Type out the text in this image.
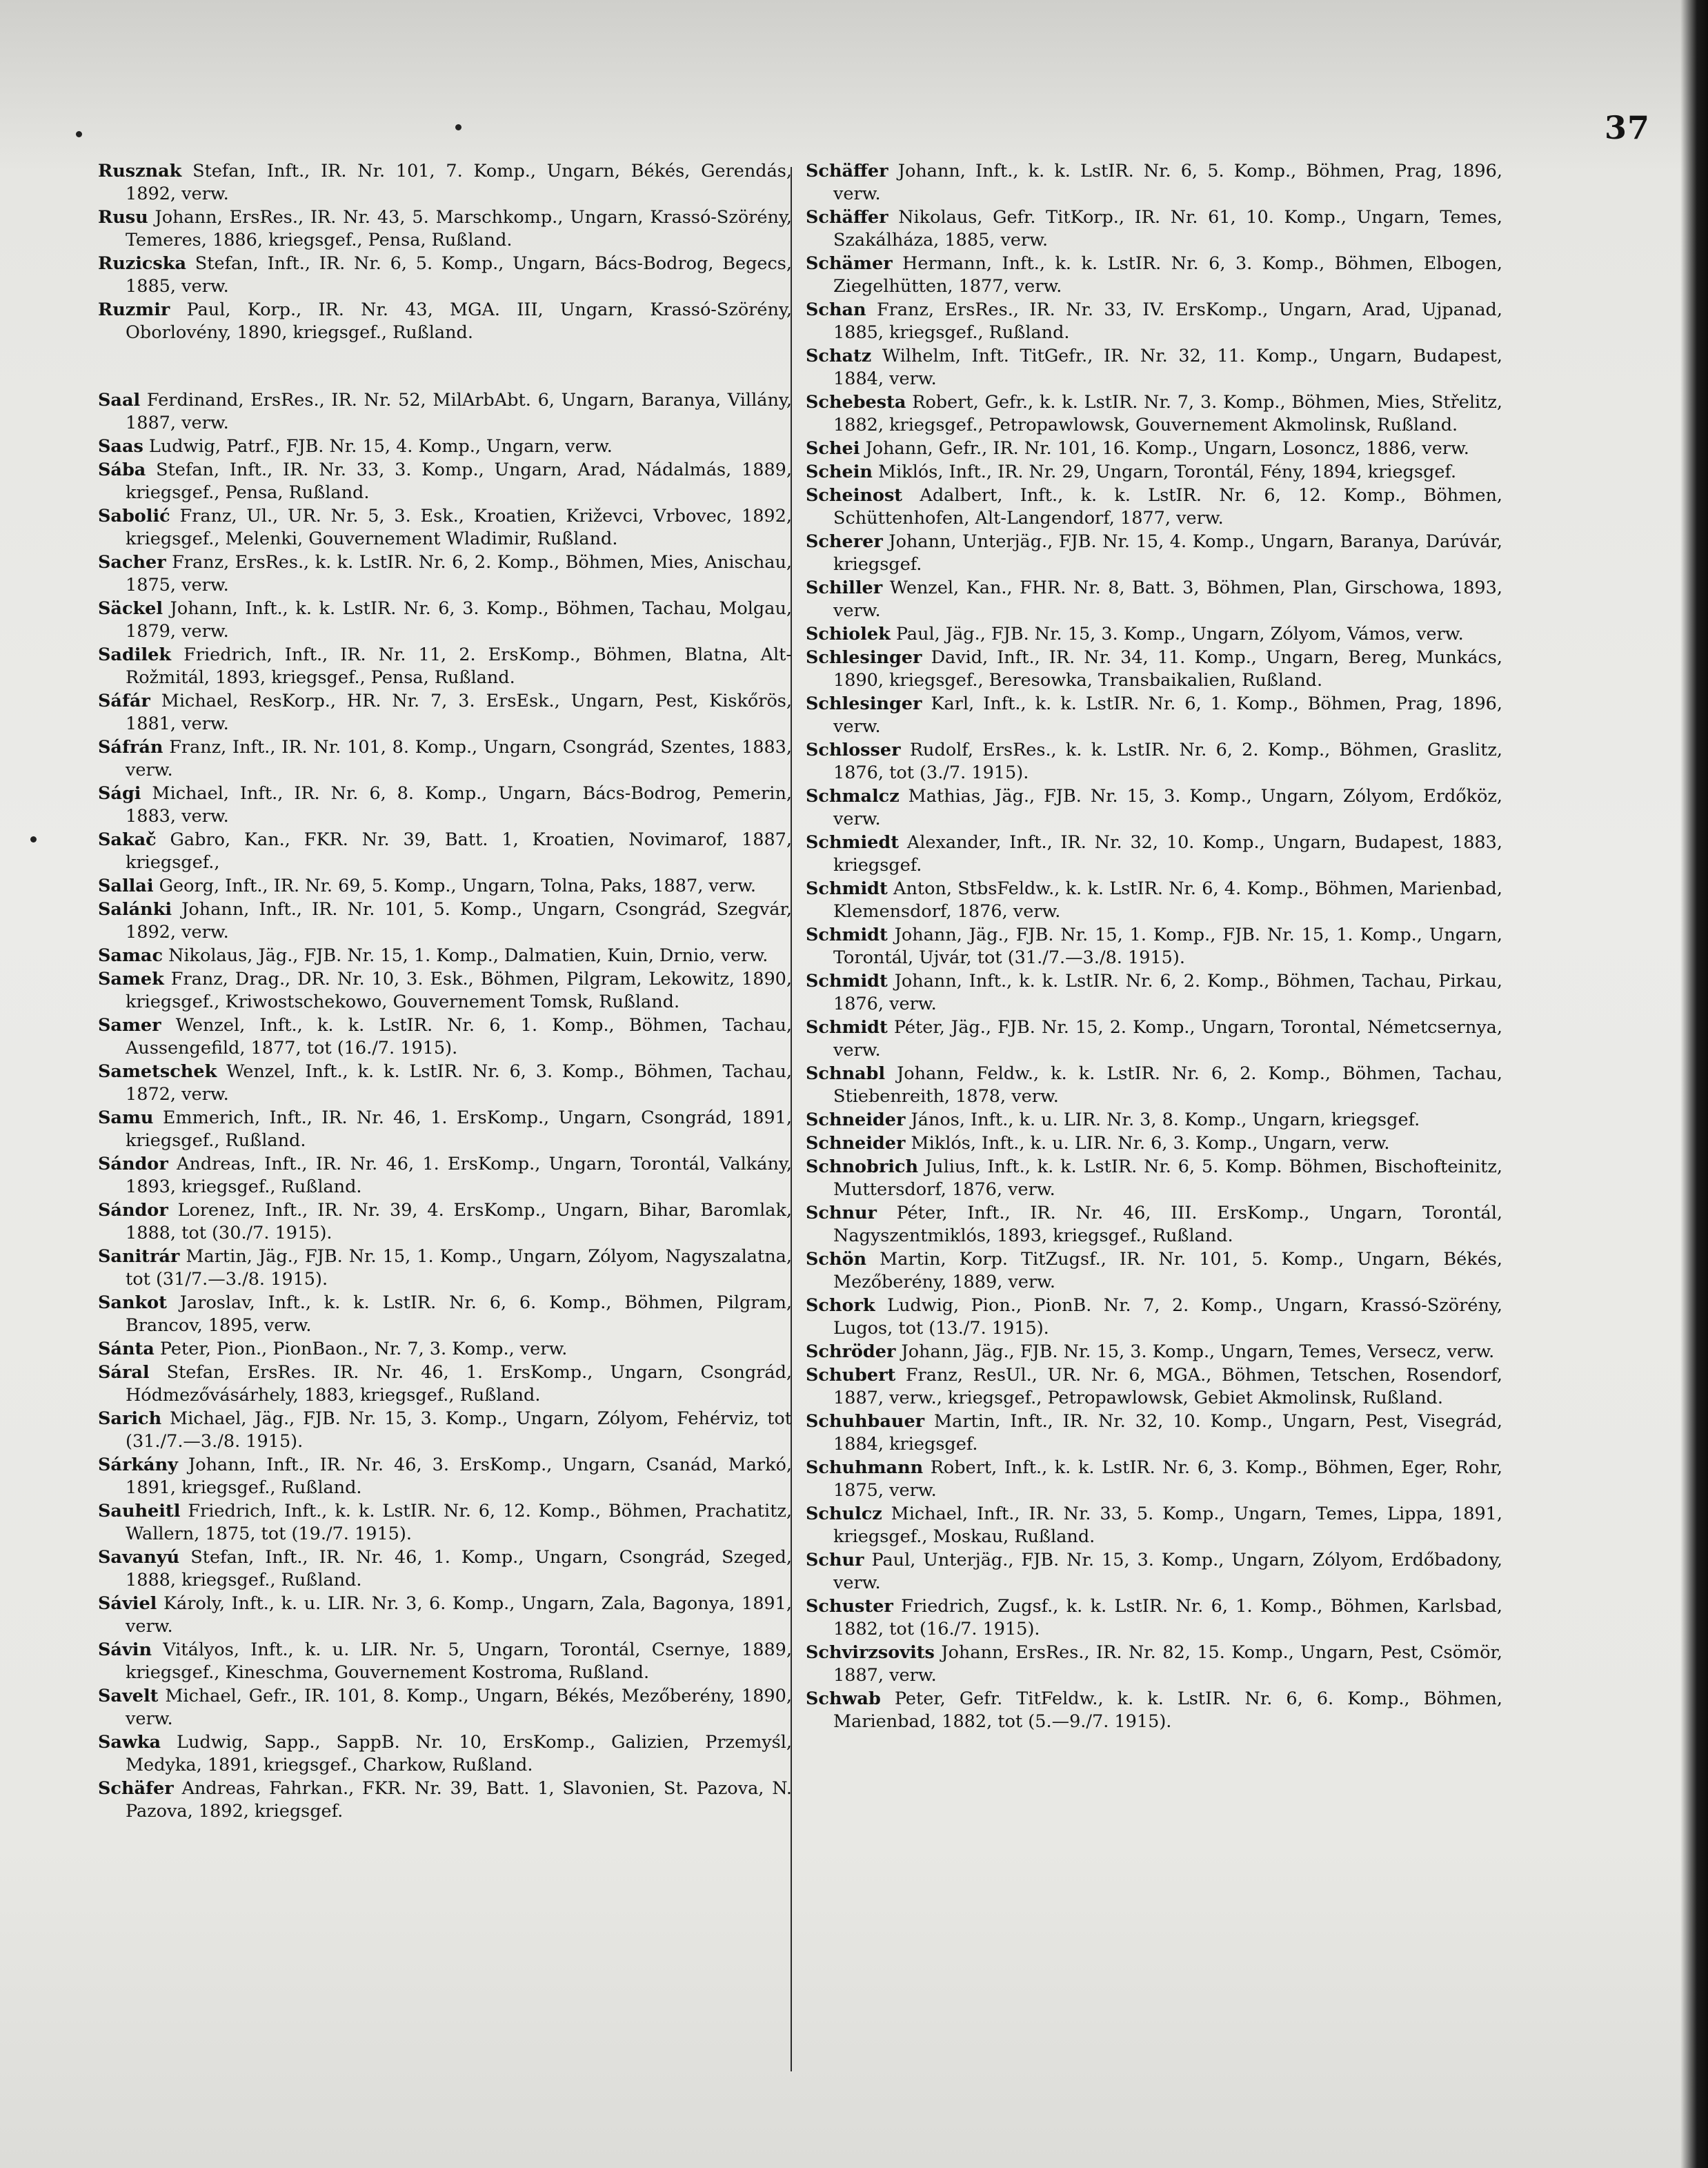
37

Rusznak Stefan, Inft., IR. Nr. 101, 7. Komp., Ungarn, Békés, Gerendás, 1892, verw.

Rusu Johann, ErsRes., IR. Nr. 43, 5. Marschkomp., Ungarn, Krassó-Szörény, Temeres, 1886, kriegsgef., Pensa, Rußland.

Ruzicska Stefan, Inft., IR. Nr. 6, 5. Komp., Ungarn, Bács-Bodrog, Begecs, 1885, verw.

Ruzmir Paul, Korp., IR. Nr. 43, MGA. III, Ungarn, Krassó-Szörény, Oborlovény, 1890, kriegsgef., Rußland.

Saal Ferdinand, ErsRes., IR. Nr. 52, MilArbAbt. 6, Ungarn, Baranya, Villány, 1887, verw.

Saas Ludwig, Patrf., FJB. Nr. 15, 4. Komp., Ungarn, verw.

Sába Stefan, Inft., IR. Nr. 33, 3. Komp., Ungarn, Arad, Nádalmás, 1889, kriegsgef., Pensa, Rußland.

Sabolić Franz, Ul., UR. Nr. 5, 3. Esk., Kroatien, Križevci, Vrbovec, 1892, kriegsgef., Melenki, Gouvernement Wladimir, Rußland.

Sacher Franz, ErsRes., k. k. LstIR. Nr. 6, 2. Komp., Böhmen, Mies, Anischau, 1875, verw.

Säckel Johann, Inft., k. k. LstIR. Nr. 6, 3. Komp., Böhmen, Tachau, Molgau, 1879, verw.

Sadilek Friedrich, Inft., IR. Nr. 11, 2. ErsKomp., Böhmen, Blatna, Alt-Rožmitál, 1893, kriegsgef., Pensa, Rußland.

Sáfár Michael, ResKorp., HR. Nr. 7, 3. ErsEsk., Ungarn, Pest, Kiskőrös, 1881, verw.

Sáfrán Franz, Inft., IR. Nr. 101, 8. Komp., Ungarn, Csongrád, Szentes, 1883, verw.

Sági Michael, Inft., IR. Nr. 6, 8. Komp., Ungarn, Bács-Bodrog, Pemerin, 1883, verw.

Sakač Gabro, Kan., FKR. Nr. 39, Batt. 1, Kroatien, Novimarof, 1887, kriegsgef.,

Sallai Georg, Inft., IR. Nr. 69, 5. Komp., Ungarn, Tolna, Paks, 1887, verw.

Salánki Johann, Inft., IR. Nr. 101, 5. Komp., Ungarn, Csongrád, Szegvár, 1892, verw.

Samac Nikolaus, Jäg., FJB. Nr. 15, 1. Komp., Dalmatien, Kuin, Drnio, verw.

Samek Franz, Drag., DR. Nr. 10, 3. Esk., Böhmen, Pilgram, Lekowitz, 1890, kriegsgef., Kriwostschekowo, Gouvernement Tomsk, Rußland.

Samer Wenzel, Inft., k. k. LstIR. Nr. 6, 1. Komp., Böhmen, Tachau, Aussengefild, 1877, tot (16./7. 1915).

Sametschek Wenzel, Inft., k. k. LstIR. Nr. 6, 3. Komp., Böhmen, Tachau, 1872, verw.

Samu Emmerich, Inft., IR. Nr. 46, 1. ErsKomp., Ungarn, Csongrád, 1891, kriegsgef., Rußland.

Sándor Andreas, Inft., IR. Nr. 46, 1. ErsKomp., Ungarn, Torontál, Valkány, 1893, kriegsgef., Rußland.

Sándor Lorenez, Inft., IR. Nr. 39, 4. ErsKomp., Ungarn, Bihar, Baromlak, 1888, tot (30./7. 1915).

Sanitrár Martin, Jäg., FJB. Nr. 15, 1. Komp., Ungarn, Zólyom, Nagyszalatna, tot (31/7.—3./8. 1915).

Sankot Jaroslav, Inft., k. k. LstIR. Nr. 6, 6. Komp., Böhmen, Pilgram, Brancov, 1895, verw.

Sánta Peter, Pion., PionBaon., Nr. 7, 3. Komp., verw.

Sáral Stefan, ErsRes. IR. Nr. 46, 1. ErsKomp., Ungarn, Csongrád, Hódmezővásárhely, 1883, kriegsgef., Rußland.

Sarich Michael, Jäg., FJB. Nr. 15, 3. Komp., Ungarn, Zólyom, Fehérviz, tot (31./7.—3./8. 1915).

Sárkány Johann, Inft., IR. Nr. 46, 3. ErsKomp., Ungarn, Csanád, Markó, 1891, kriegsgef., Rußland.

Sauheitl Friedrich, Inft., k. k. LstIR. Nr. 6, 12. Komp., Böhmen, Prachatitz, Wallern, 1875, tot (19./7. 1915).

Savanyú Stefan, Inft., IR. Nr. 46, 1. Komp., Ungarn, Csongrád, Szeged, 1888, kriegsgef., Rußland.

Sáviel Károly, Inft., k. u. LIR. Nr. 3, 6. Komp., Ungarn, Zala, Bagonya, 1891, verw.

Sávin Vitályos, Inft., k. u. LIR. Nr. 5, Ungarn, Torontál, Csernye, 1889, kriegsgef., Kineschma, Gouvernement Kostroma, Rußland.

Savelt Michael, Gefr., IR. 101, 8. Komp., Ungarn, Békés, Mezőberény, 1890, verw.

Sawka Ludwig, Sapp., SappB. Nr. 10, ErsKomp., Galizien, Przemyśl, Medyka, 1891, kriegsgef., Charkow, Rußland.

Schäfer Andreas, Fahrkan., FKR. Nr. 39, Batt. 1, Slavonien, St. Pazova, N. Pazova, 1892, kriegsgef.

Schäffer Johann, Inft., k. k. LstIR. Nr. 6, 5. Komp., Böhmen, Prag, 1896, verw.

Schäffer Nikolaus, Gefr. TitKorp., IR. Nr. 61, 10. Komp., Ungarn, Temes, Szakálháza, 1885, verw.

Schämer Hermann, Inft., k. k. LstIR. Nr. 6, 3. Komp., Böhmen, Elbogen, Ziegelhütten, 1877, verw.

Schan Franz, ErsRes., IR. Nr. 33, IV. ErsKomp., Ungarn, Arad, Ujpanad, 1885, kriegsgef., Rußland.

Schatz Wilhelm, Inft. TitGefr., IR. Nr. 32, 11. Komp., Ungarn, Budapest, 1884, verw.

Schebesta Robert, Gefr., k. k. LstIR. Nr. 7, 3. Komp., Böhmen, Mies, Střelitz, 1882, kriegsgef., Petropawlowsk, Gouvernement Akmolinsk, Rußland.

Schei Johann, Gefr., IR. Nr. 101, 16. Komp., Ungarn, Losoncz, 1886, verw.

Schein Miklós, Inft., IR. Nr. 29, Ungarn, Torontál, Fény, 1894, kriegsgef.

Scheinost Adalbert, Inft., k. k. LstIR. Nr. 6, 12. Komp., Böhmen, Schüttenhofen, Alt-Langendorf, 1877, verw.

Scherer Johann, Unterjäg., FJB. Nr. 15, 4. Komp., Ungarn, Baranya, Darúvár, kriegsgef.

Schiller Wenzel, Kan., FHR. Nr. 8, Batt. 3, Böhmen, Plan, Girschowa, 1893, verw.

Schiolek Paul, Jäg., FJB. Nr. 15, 3. Komp., Ungarn, Zólyom, Vámos, verw.

Schlesinger David, Inft., IR. Nr. 34, 11. Komp., Ungarn, Bereg, Munkács, 1890, kriegsgef., Beresowka, Transbaikalien, Rußland.

Schlesinger Karl, Inft., k. k. LstIR. Nr. 6, 1. Komp., Böhmen, Prag, 1896, verw.

Schlosser Rudolf, ErsRes., k. k. LstIR. Nr. 6, 2. Komp., Böhmen, Graslitz, 1876, tot (3./7. 1915).

Schmalcz Mathias, Jäg., FJB. Nr. 15, 3. Komp., Ungarn, Zólyom, Erdőköz, verw.

Schmiedt Alexander, Inft., IR. Nr. 32, 10. Komp., Ungarn, Budapest, 1883, kriegsgef.

Schmidt Anton, StbsFeldw., k. k. LstIR. Nr. 6, 4. Komp., Böhmen, Marienbad, Klemensdorf, 1876, verw.

Schmidt Johann, Jäg., FJB. Nr. 15, 1. Komp., FJB. Nr. 15, 1. Komp., Ungarn, Torontál, Ujvár, tot (31./7.—3./8. 1915).

Schmidt Johann, Inft., k. k. LstIR. Nr. 6, 2. Komp., Böhmen, Tachau, Pirkau, 1876, verw.

Schmidt Péter, Jäg., FJB. Nr. 15, 2. Komp., Ungarn, Torontal, Németcsernya, verw.

Schnabl Johann, Feldw., k. k. LstIR. Nr. 6, 2. Komp., Böhmen, Tachau, Stiebenreith, 1878, verw.

Schneider János, Inft., k. u. LIR. Nr. 3, 8. Komp., Ungarn, kriegsgef.

Schneider Miklós, Inft., k. u. LIR. Nr. 6, 3. Komp., Ungarn, verw.

Schnobrich Julius, Inft., k. k. LstIR. Nr. 6, 5. Komp. Böhmen, Bischofteinitz, Muttersdorf, 1876, verw.

Schnur Péter, Inft., IR. Nr. 46, III. ErsKomp., Ungarn, Torontál, Nagyszentmiklós, 1893, kriegsgef., Rußland.

Schön Martin, Korp. TitZugsf., IR. Nr. 101, 5. Komp., Ungarn, Békés, Mezőberény, 1889, verw.

Schork Ludwig, Pion., PionB. Nr. 7, 2. Komp., Ungarn, Krassó-Szörény, Lugos, tot (13./7. 1915).

Schröder Johann, Jäg., FJB. Nr. 15, 3. Komp., Ungarn, Temes, Versecz, verw.

Schubert Franz, ResUl., UR. Nr. 6, MGA., Böhmen, Tetschen, Rosendorf, 1887, verw., kriegsgef., Petropawlowsk, Gebiet Akmolinsk, Rußland.

Schuhbauer Martin, Inft., IR. Nr. 32, 10. Komp., Ungarn, Pest, Visegrád, 1884, kriegsgef.

Schuhmann Robert, Inft., k. k. LstIR. Nr. 6, 3. Komp., Böhmen, Eger, Rohr, 1875, verw.

Schulcz Michael, Inft., IR. Nr. 33, 5. Komp., Ungarn, Temes, Lippa, 1891, kriegsgef., Moskau, Rußland.

Schur Paul, Unterjäg., FJB. Nr. 15, 3. Komp., Ungarn, Zólyom, Erdőbadony, verw.

Schuster Friedrich, Zugsf., k. k. LstIR. Nr. 6, 1. Komp., Böhmen, Karlsbad, 1882, tot (16./7. 1915).

Schvirzsovits Johann, ErsRes., IR. Nr. 82, 15. Komp., Ungarn, Pest, Csömör, 1887, verw.

Schwab Peter, Gefr. TitFeldw., k. k. LstIR. Nr. 6, 6. Komp., Böhmen, Marienbad, 1882, tot (5.—9./7. 1915).
